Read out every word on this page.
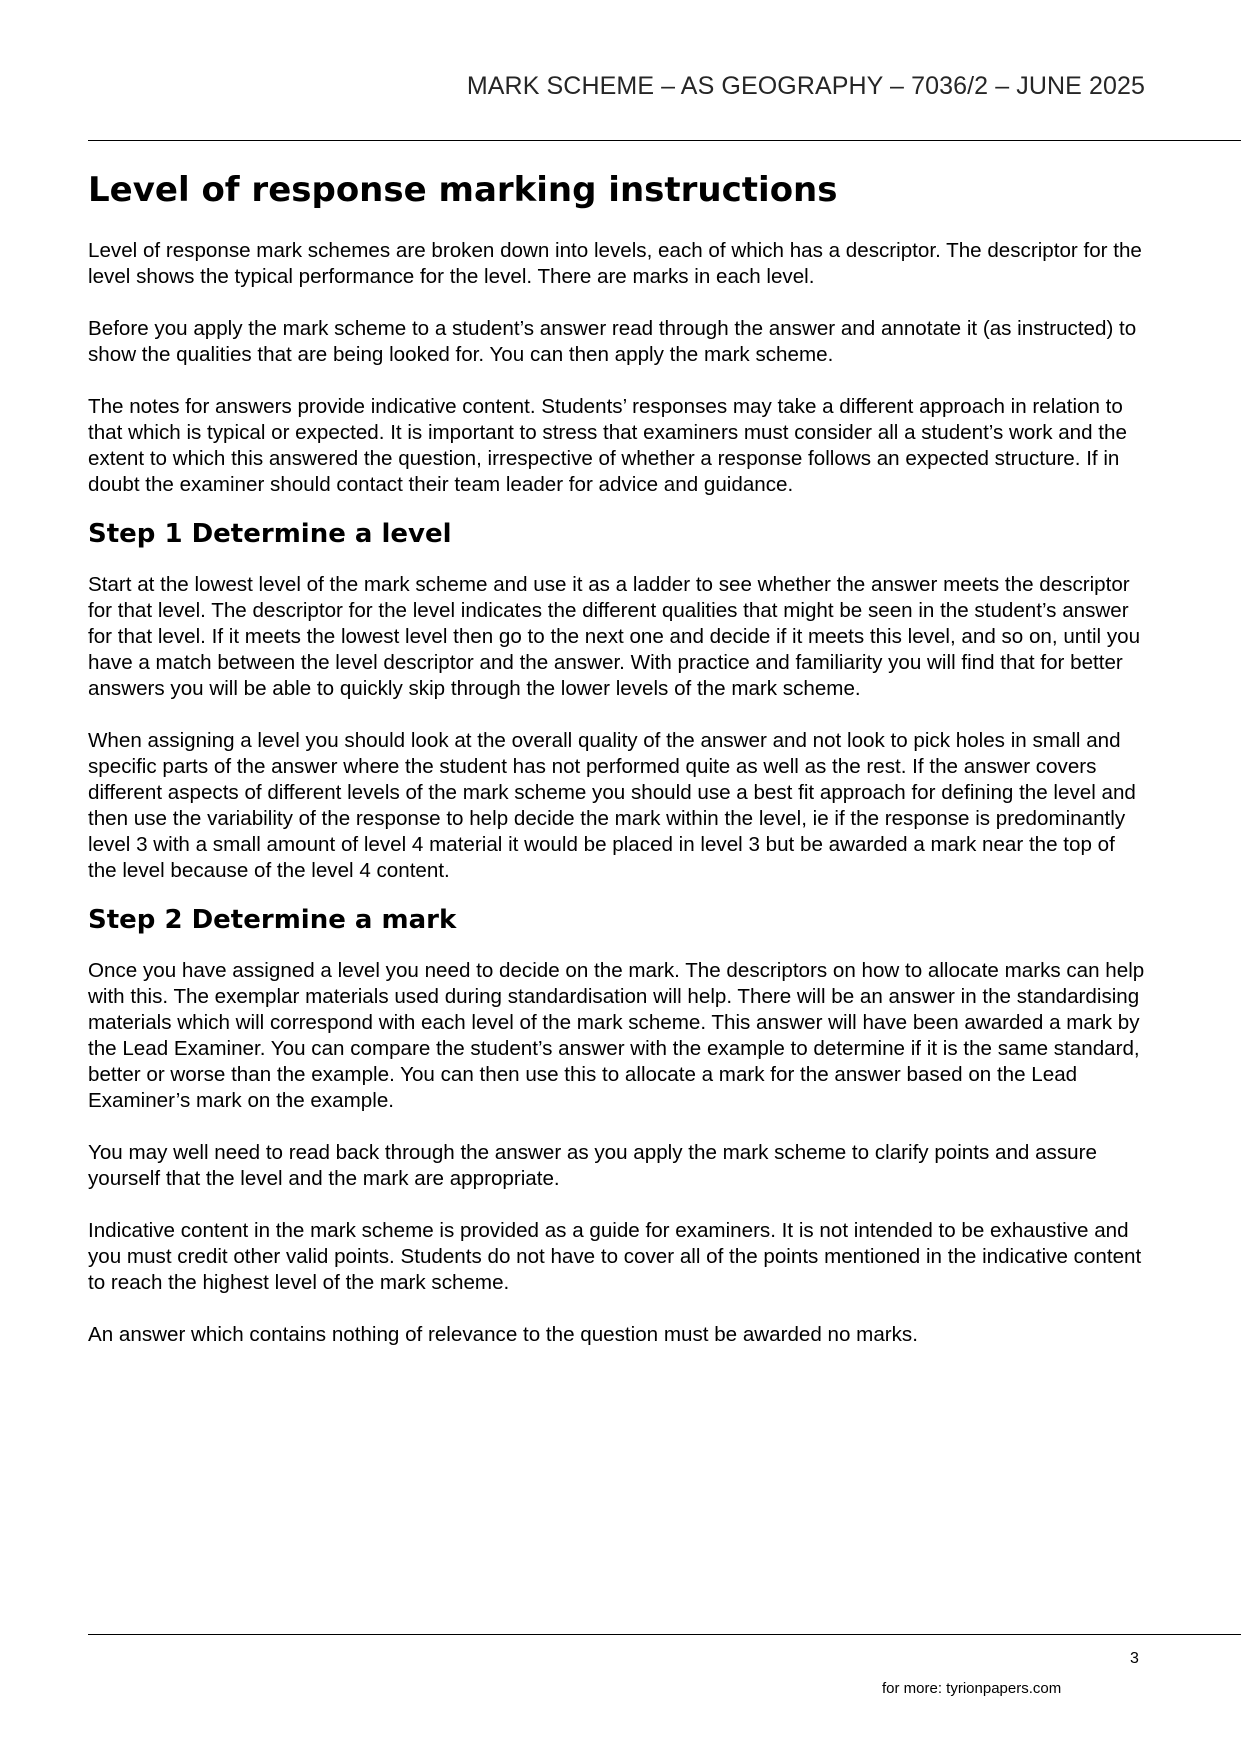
MARK SCHEME – AS GEOGRAPHY – 7036/2 – JUNE 2025
Level of response marking instructions

Level of response mark schemes are broken down into levels, each of which has a descriptor. The descriptor for the level shows the typical performance for the level. There are marks in each level.

Before you apply the mark scheme to a student’s answer read through the answer and annotate it (as instructed) to show the qualities that are being looked for. You can then apply the mark scheme.

The notes for answers provide indicative content. Students’ responses may take a different approach in relation to that which is typical or expected. It is important to stress that examiners must consider all a student’s work and the extent to which this answered the question, irrespective of whether a response follows an expected structure. If in doubt the examiner should contact their team leader for advice and guidance.

Step 1 Determine a level

Start at the lowest level of the mark scheme and use it as a ladder to see whether the answer meets the descriptor for that level. The descriptor for the level indicates the different qualities that might be seen in the student’s answer for that level. If it meets the lowest level then go to the next one and decide if it meets this level, and so on, until you have a match between the level descriptor and the answer. With practice and familiarity you will find that for better answers you will be able to quickly skip through the lower levels of the mark scheme.

When assigning a level you should look at the overall quality of the answer and not look to pick holes in small and specific parts of the answer where the student has not performed quite as well as the rest. If the answer covers different aspects of different levels of the mark scheme you should use a best fit approach for defining the level and then use the variability of the response to help decide the mark within the level, ie if the response is predominantly level 3 with a small amount of level 4 material it would be placed in level 3 but be awarded a mark near the top of the level because of the level 4 content.

Step 2 Determine a mark

Once you have assigned a level you need to decide on the mark. The descriptors on how to allocate marks can help with this. The exemplar materials used during standardisation will help. There will be an answer in the standardising materials which will correspond with each level of the mark scheme. This answer will have been awarded a mark by the Lead Examiner. You can compare the student’s answer with the example to determine if it is the same standard, better or worse than the example. You can then use this to allocate a mark for the answer based on the Lead Examiner’s mark on the example.

You may well need to read back through the answer as you apply the mark scheme to clarify points and assure yourself that the level and the mark are appropriate.

Indicative content in the mark scheme is provided as a guide for examiners. It is not intended to be exhaustive and you must credit other valid points. Students do not have to cover all of the points mentioned in the indicative content to reach the highest level of the mark scheme.

An answer which contains nothing of relevance to the question must be awarded no marks.

3
for more: tyrionpapers.com
